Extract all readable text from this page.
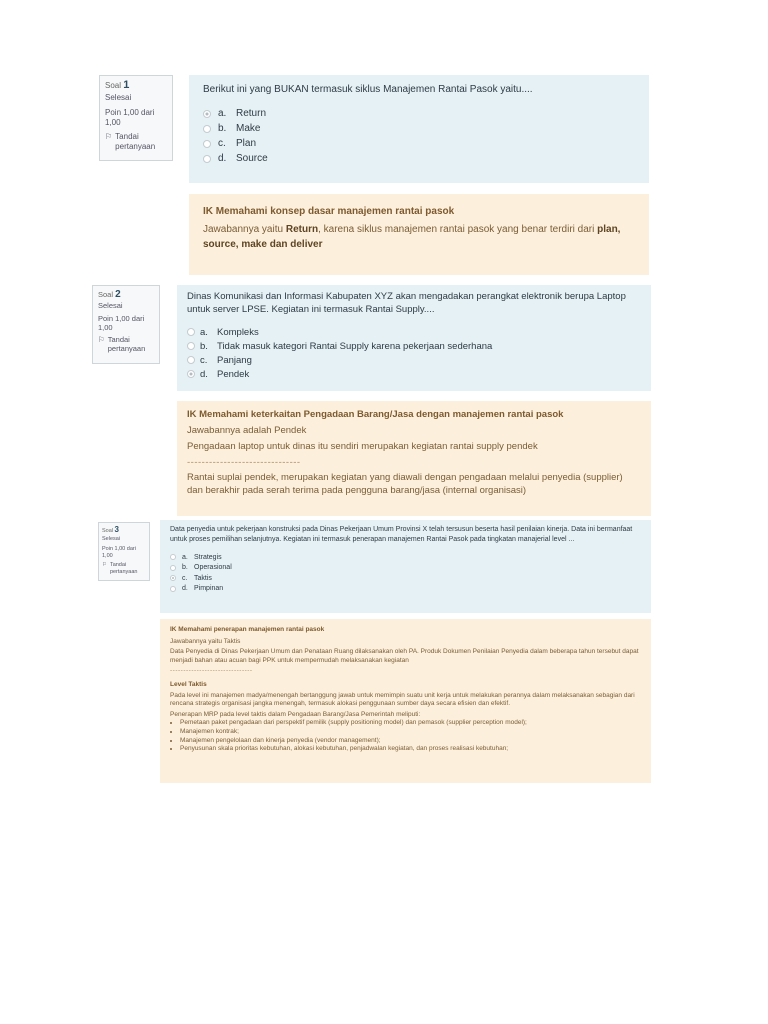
Soal 1
Selesai
Poin 1,00 dari 1,00
⚐ Tandai pertanyaan
Berikut ini yang BUKAN termasuk siklus Manajemen Rantai Pasok yaitu....
a. Return
b. Make
c.	Plan
d. Source
IK Memahami konsep dasar manajemen rantai pasok
Jawabannya yaitu Return, karena siklus manajemen rantai pasok yang benar terdiri dari plan, source, make dan deliver
Soal 2
Selesai
Poin 1,00 dari 1,00
⚐ Tandai pertanyaan
Dinas Komunikasi dan Informasi Kabupaten XYZ akan mengadakan perangkat elektronik berupa Laptop untuk server LPSE. Kegiatan ini termasuk Rantai Supply....
a. Kompleks
b. Tidak masuk kategori Rantai Supply karena pekerjaan sederhana
c.	Panjang
d. Pendek
IK Memahami keterkaitan Pengadaan Barang/Jasa dengan manajemen rantai pasok
Jawabannya adalah Pendek
Pengadaan laptop untuk dinas itu sendiri merupakan kegiatan rantai supply pendek
-------------------------------
Rantai suplai pendek, merupakan kegiatan yang diawali dengan pengadaan melalui penyedia (supplier) dan berakhir pada serah terima pada pengguna barang/jasa (internal organisasi)
Soal 3
Selesai
Poin 1,00 dari 1,00
⚐ Tandai pertanyaan
Data penyedia untuk pekerjaan konstruksi pada Dinas Pekerjaan Umum Provinsi X telah tersusun beserta hasil penilaian kinerja. Data ini bermanfaat untuk proses pemilihan selanjutnya. Kegiatan ini termasuk penerapan manajemen Rantai Pasok pada tingkatan manajerial level ...
a. Strategis
b. Operasional
c. Taktis
d. Pimpinan
IK Memahami penerapan manajemen rantai pasok
Jawabannya yaitu Taktis
Data Penyedia di Dinas Pekerjaan Umum dan Penataan Ruang dilaksanakan oleh PA. Produk Dokumen Penilaian Penyedia dalam beberapa tahun tersebut dapat menjadi bahan atau acuan bagi PPK untuk mempermudah melaksanakan kegiatan
-------------------------------
Level Taktis
Pada level ini manajemen madya/menengah bertanggung jawab untuk memimpin suatu unit kerja untuk melakukan perannya dalam melaksanakan sebagian dari rencana strategis organisasi jangka menengah, termasuk alokasi penggunaan sumber daya secara efisien dan efektif.
Penerapan MRP pada level taktis dalam Pengadaan Barang/Jasa Pemerintah meliputi:
• Pemetaan paket pengadaan dari perspektif pemilik (supply positioning model) dan pemasok (supplier perception model);
• Manajemen kontrak;
• Manajemen pengelolaan dan kinerja penyedia (vendor management);
• Penyusunan skala prioritas kebutuhan, alokasi kebutuhan, penjadwalan kegiatan, dan proses realisasi kebutuhan;
